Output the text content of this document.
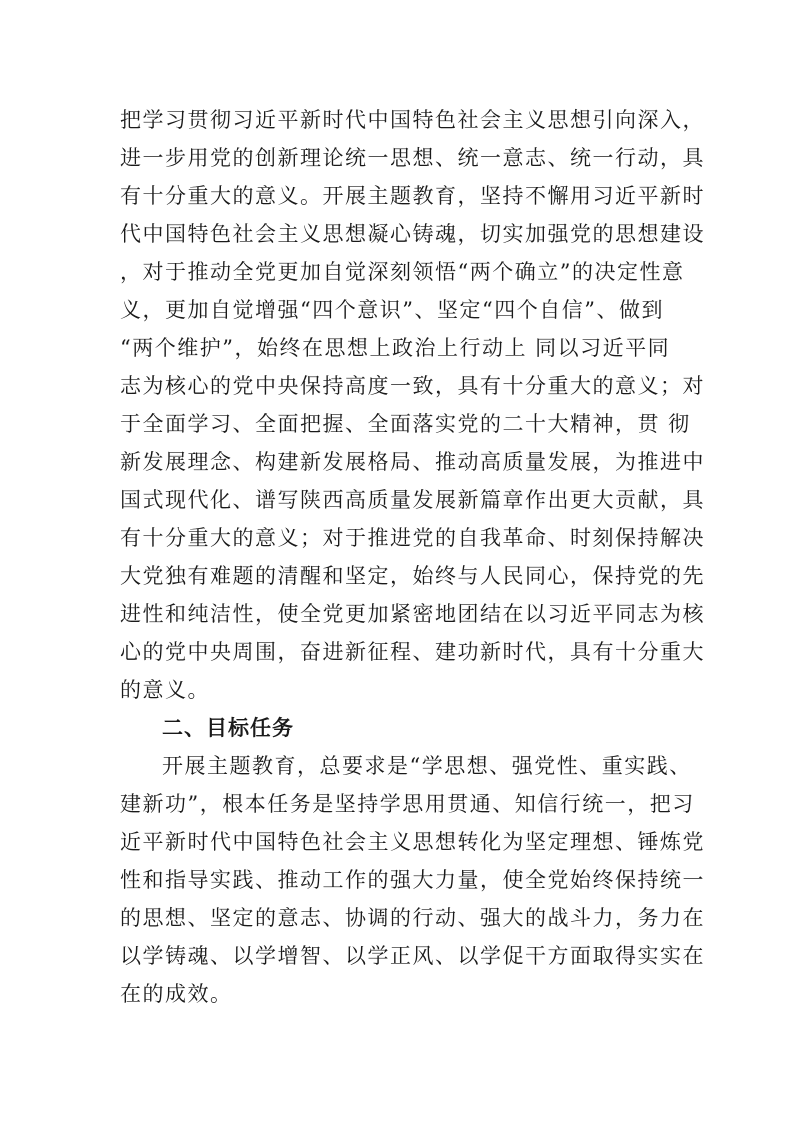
把学习贯彻习近平新时代中国特色社会主义思想引向深入，
进一步用党的创新理论统一思想、统一意志、统一行动，具
有十分重大的意义。开展主题教育，坚持不懈用习近平新时
代中国特色社会主义思想凝心铸魂，切实加强党的思想建设
，对于推动全党更加自觉深刻领悟“两个确立”的决定性意
义，更加自觉增强“四个意识”、坚定“四个自信”、做到
“两个维护”，始终在思想上政治上行动上 同以习近平同
志为核心的党中央保持高度一致，具有十分重大的意义；对
于全面学习、全面把握、全面落实党的二十大精神，贯 彻
新发展理念、构建新发展格局、推动高质量发展，为推进中
国式现代化、谱写陕西高质量发展新篇章作出更大贡献，具
有十分重大的意义；对于推进党的自我革命、时刻保持解决
大党独有难题的清醒和坚定，始终与人民同心，保持党的先
进性和纯洁性，使全党更加紧密地团结在以习近平同志为核
心的党中央周围，奋进新征程、建功新时代，具有十分重大
的意义。
二、目标任务
开展主题教育，总要求是“学思想、强党性、重实践、
建新功”，根本任务是坚持学思用贯通、知信行统一，把习
近平新时代中国特色社会主义思想转化为坚定理想、锤炼党
性和指导实践、推动工作的强大力量，使全党始终保持统一
的思想、坚定的意志、协调的行动、强大的战斗力，务力在
以学铸魂、以学增智、以学正风、以学促干方面取得实实在
在的成效。
